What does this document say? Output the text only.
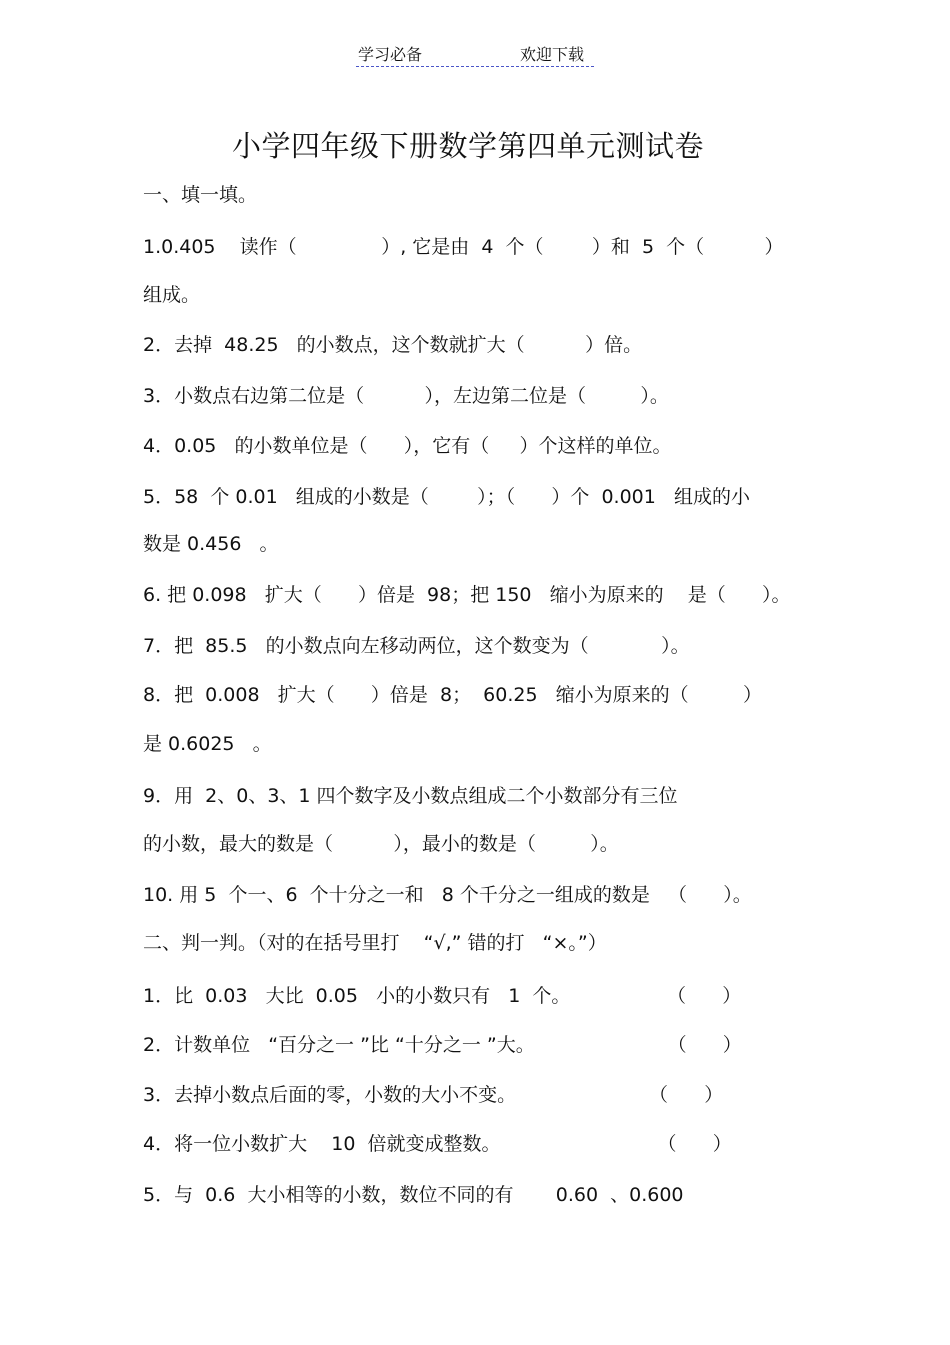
学习必备	欢迎下载
小学四年级下册数学第四单元测试卷
一、填一填。
1.0.405    读作（              ）, 它是由  4  个（        ）和  5  个（          ）
组成。
2．去掉  48.25   的小数点，这个数就扩大（          ）倍。
3．小数点右边第二位是（          ），左边第二位是（         ）。
4．0.05   的小数单位是（      ），它有（     ）个这样的单位。
5．58  个 0.01   组成的小数是（        ）；（      ）个  0.001   组成的小
数是 0.456   。
6. 把 0.098   扩大（      ）倍是  98；把 150   缩小为原来的    是（      ）。
7．把  85.5   的小数点向左移动两位，这个数变为（            ）。
8．把  0.008   扩大（      ）倍是  8；  60.25   缩小为原来的（         ）
是 0.6025   。
9．用  2、0、3、1 四个数字及小数点组成二个小数部分有三位
的小数，最大的数是（          ），最小的数是（         ）。
10. 用 5  个一、6  个十分之一和   8 个千分之一组成的数是   （      ）。
二、判一判。（对的在括号里打    “√,” 错的打   “×。”）
1．比  0.03   大比  0.05   小的小数只有   1  个。                （      ）
2．计数单位   “百分之一 ”比 “十分之一 ”大。                      （      ）
3．去掉小数点后面的零，小数的大小不变。                      （      ）
4．将一位小数扩大    10  倍就变成整数。                          （      ）
5．与  0.6  大小相等的小数，数位不同的有       0.60  、0.600
